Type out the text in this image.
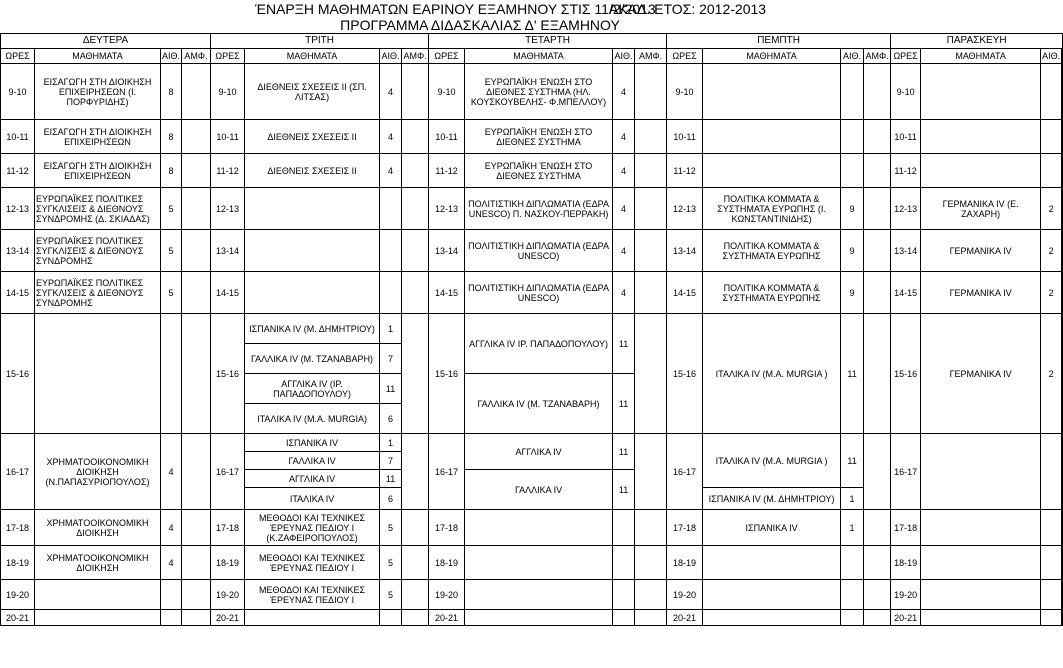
ΈΝΑΡΞΗ ΜΑΘΗΜΑΤΩΝ ΕΑΡΙΝΟΥ ΕΞΑΜΗΝΟΥ ΣΤΙΣ 11/2/2013
ΑΚΑΔ. ΕΤΟΣ: 2012-2013
ΠΡΟΓΡΑΜΜΑ ΔΙΔΑΣΚΑΛΙΑΣ Δ' ΕΞΑΜΗΝΟΥ
ΔΕΥΤΕΡΑ				ΤΡΙΤΗ				ΤΕΤΑΡΤΗ				ΠΕΜΠΤΗ				ΠΑΡΑΣΚΕΥΗ			
ΩΡΕΣ	ΜΑΘΗΜΑΤΑ	ΑΙΘ.	ΑΜΦ.	ΩΡΕΣ	ΜΑΘΗΜΑΤΑ	ΑΙΘ.	ΑΜΦ.	ΩΡΕΣ	ΜΑΘΗΜΑΤΑ	ΑΙΘ.	ΑΜΦ.	ΩΡΕΣ	ΜΑΘΗΜΑΤΑ	ΑΙΘ.	ΑΜΦ.	ΩΡΕΣ	ΜΑΘΗΜΑΤΑ	ΑΙΘ.	
9-10	ΕΙΣΑΓΩΓΗ ΣΤΗ ΔΙΟΙΚΗΣΗ ΕΠΙΧΕΙΡΗΣΕΩΝ (Ι. ΠΟΡΦΥΡΙΔΗΣ)	8		9-10	ΔΙΕΘΝΕΙΣ ΣΧΕΣΕΙΣ ΙΙ (ΣΠ. ΛΙΤΣΑΣ)	4		9-10	ΕΥΡΩΠΑΪΚΗ ΈΝΩΣΗ ΣΤΟ ΔΙΕΘΝΕΣ ΣΥΣΤΗΜΑ (ΗΛ. ΚΟΥΣΚΟΥΒΕΛΗΣ- Φ.ΜΠΕΛΛΟΥ)	4		9-10				9-10			
10-11	ΕΙΣΑΓΩΓΗ ΣΤΗ ΔΙΟΙΚΗΣΗ ΕΠΙΧΕΙΡΗΣΕΩΝ	8		10-11	ΔΙΕΘΝΕΙΣ ΣΧΕΣΕΙΣ ΙΙ	4		10-11	ΕΥΡΩΠΑΪΚΗ ΈΝΩΣΗ ΣΤΟ ΔΙΕΘΝΕΣ ΣΥΣΤΗΜΑ	4		10-11				10-11			
11-12	ΕΙΣΑΓΩΓΗ ΣΤΗ ΔΙΟΙΚΗΣΗ ΕΠΙΧΕΙΡΗΣΕΩΝ	8		11-12	ΔΙΕΘΝΕΙΣ ΣΧΕΣΕΙΣ ΙΙ	4		11-12	ΕΥΡΩΠΑΪΚΗ ΈΝΩΣΗ ΣΤΟ ΔΙΕΘΝΕΣ ΣΥΣΤΗΜΑ	4		11-12				11-12			
12-13	ΕΥΡΩΠΑΪΚΕΣ ΠΟΛΙΤΙΚΕΣ ΣΥΓΚΛΙΣΕΙΣ & ΔΙΕΘΝΟΥΣ ΣΥΝΔΡΟΜΗΣ (Δ. ΣΚΙΑΔΑΣ)	5		12-13				12-13	ΠΟΛΙΤΙΣΤΙΚΗ ΔΙΠΛΩΜΑΤΙΑ (ΕΔΡΑ UNESCO) Π. ΝΑΣΚΟΥ-ΠΕΡΡΑΚΗ)	4		12-13	ΠΟΛΙΤΙΚΑ ΚΟΜΜΑΤΑ & ΣΥΣΤΗΜΑΤΑ ΕΥΡΩΠΗΣ (Ι. ΚΩΝΣΤΑΝΤΙΝΙΔΗΣ)	9		12-13	ΓΕΡΜΑΝΙΚΑ IV (Ε. ΖΑΧΑΡΗ)	2	
13-14	ΕΥΡΩΠΑΪΚΕΣ ΠΟΛΙΤΙΚΕΣ ΣΥΓΚΛΙΣΕΙΣ & ΔΙΕΘΝΟΥΣ ΣΥΝΔΡΟΜΗΣ	5		13-14				13-14	ΠΟΛΙΤΙΣΤΙΚΗ ΔΙΠΛΩΜΑΤΙΑ (ΕΔΡΑ UNESCO)	4		13-14	ΠΟΛΙΤΙΚΑ ΚΟΜΜΑΤΑ & ΣΥΣΤΗΜΑΤΑ ΕΥΡΩΠΗΣ	9		13-14	ΓΕΡΜΑΝΙΚΑ IV	2	
14-15	ΕΥΡΩΠΑΪΚΕΣ ΠΟΛΙΤΙΚΕΣ ΣΥΓΚΛΙΣΕΙΣ & ΔΙΕΘΝΟΥΣ ΣΥΝΔΡΟΜΗΣ	5		14-15				14-15	ΠΟΛΙΤΙΣΤΙΚΗ ΔΙΠΛΩΜΑΤΙΑ (ΕΔΡΑ UNESCO)	4		14-15	ΠΟΛΙΤΙΚΑ ΚΟΜΜΑΤΑ & ΣΥΣΤΗΜΑΤΑ ΕΥΡΩΠΗΣ	9		14-15	ΓΕΡΜΑΝΙΚΑ IV	2	
15-16				15-16	ΙΣΠΑΝΙΚΑ IV (Μ. ΔΗΜΗΤΡΙΟΥ)	1		15-16	ΑΓΓΛΙΚΑ IV ΙΡ. ΠΑΠΑΔΟΠΟΥΛΟΥ)	11		15-16	ΙΤΑΛΙΚΑ IV (Μ.Α. MURGIA )	11		15-16	ΓΕΡΜΑΝΙΚΑ IV	2	
					ΓΑΛΛΙΚΑ IV (Μ. ΤΖΑΝΑΒΑΡΗ)	7													
					ΑΓΓΛΙΚΑ IV (ΙΡ. ΠΑΠΑΔΟΠΟΥΛΟΥ)	11			ΓΑΛΛΙΚΑ IV (Μ. ΤΖΑΝΑΒΑΡΗ)	11									
					ΙΤΑΛΙΚΑ IV (Μ.Α. MURGIA)	6													
16-17	ΧΡΗΜΑΤΟΟΙΚΟΝΟΜΙΚΗ ΔΙΟΙΚΗΣΗ (Ν.ΠΑΠΑΣΥΡΙΟΠΟΥΛΟΣ)	4		16-17	ΙΣΠΑΝΙΚΑ IV	1		16-17	ΑΓΓΛΙΚΑ IV	11		16-17	ΙΤΑΛΙΚΑ IV (Μ.Α. MURGIA )	11		16-17			
					ΓΑΛΛΙΚΑ IV	7													
					ΑΓΓΛΙΚΑ IV	11			ΓΑΛΛΙΚΑ IV	11									
					ΙΤΑΛΙΚΑ IV	6							ΙΣΠΑΝΙΚΑ IV (Μ. ΔΗΜΗΤΡΙΟΥ)	1					
17-18	ΧΡΗΜΑΤΟΟΙΚΟΝΟΜΙΚΗ ΔΙΟΙΚΗΣΗ	4		17-18	ΜΕΘΟΔΟΙ ΚΑΙ ΤΕΧΝΙΚΕΣ ΈΡΕΥΝΑΣ ΠΕΔΙΟΥ Ι (Κ.ΖΑΦΕΙΡΟΠΟΥΛΟΣ)	5		17-18				17-18	ΙΣΠΑΝΙΚΑ IV	1		17-18			
18-19	ΧΡΗΜΑΤΟΟΙΚΟΝΟΜΙΚΗ ΔΙΟΙΚΗΣΗ	4		18-19	ΜΕΘΟΔΟΙ ΚΑΙ ΤΕΧΝΙΚΕΣ ΈΡΕΥΝΑΣ ΠΕΔΙΟΥ Ι	5		18-19				18-19				18-19			
19-20				19-20	ΜΕΘΟΔΟΙ ΚΑΙ ΤΕΧΝΙΚΕΣ ΈΡΕΥΝΑΣ ΠΕΔΙΟΥ Ι	5		19-20				19-20				19-20			
20-21				20-21				20-21				20-21				20-21			
